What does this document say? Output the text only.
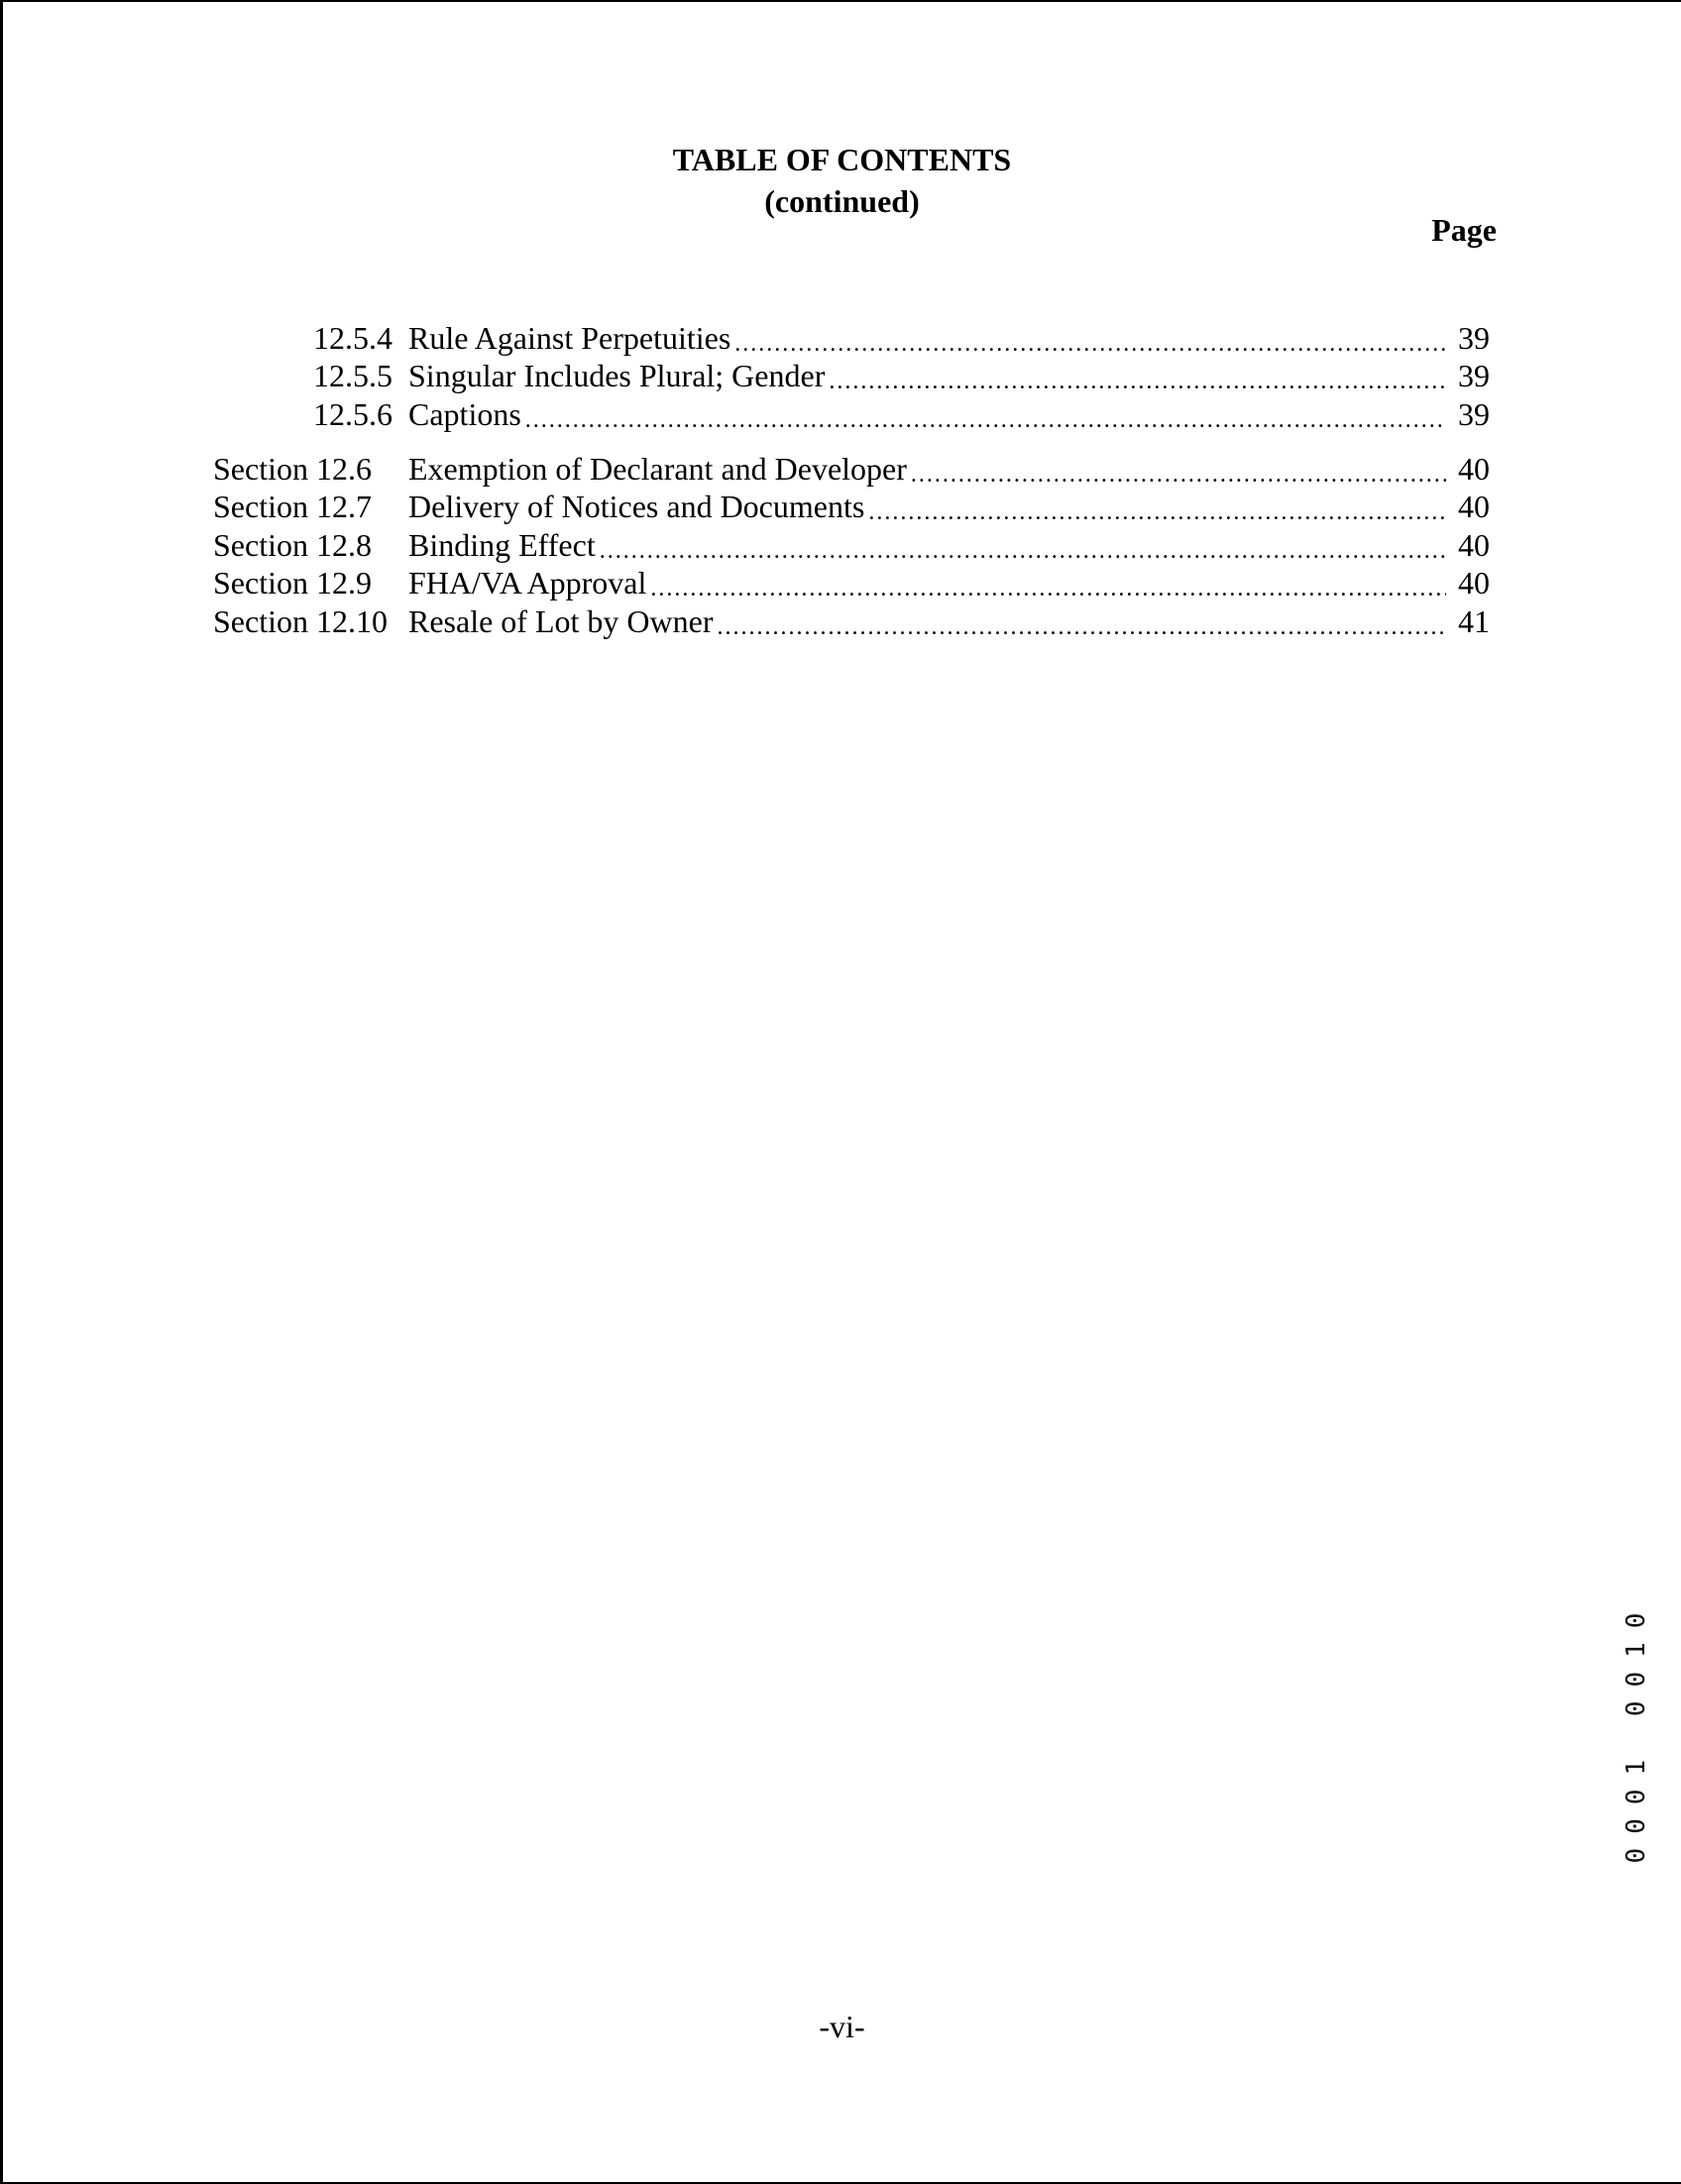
TABLE OF CONTENTS
(continued)
Page
12.5.4 Rule Against Perpetuities .....	39
12.5.5 Singular Includes Plural; Gender .....	39
12.5.6 Captions .....	39
Section 12.6	Exemption of Declarant and Developer .....	40
Section 12.7	Delivery of Notices and Documents .....	40
Section 12.8	Binding Effect .....	40
Section 12.9	FHA/VA Approval .....	40
Section 12.10 Resale of Lot by Owner .....	41
0001 0010
-vi-
